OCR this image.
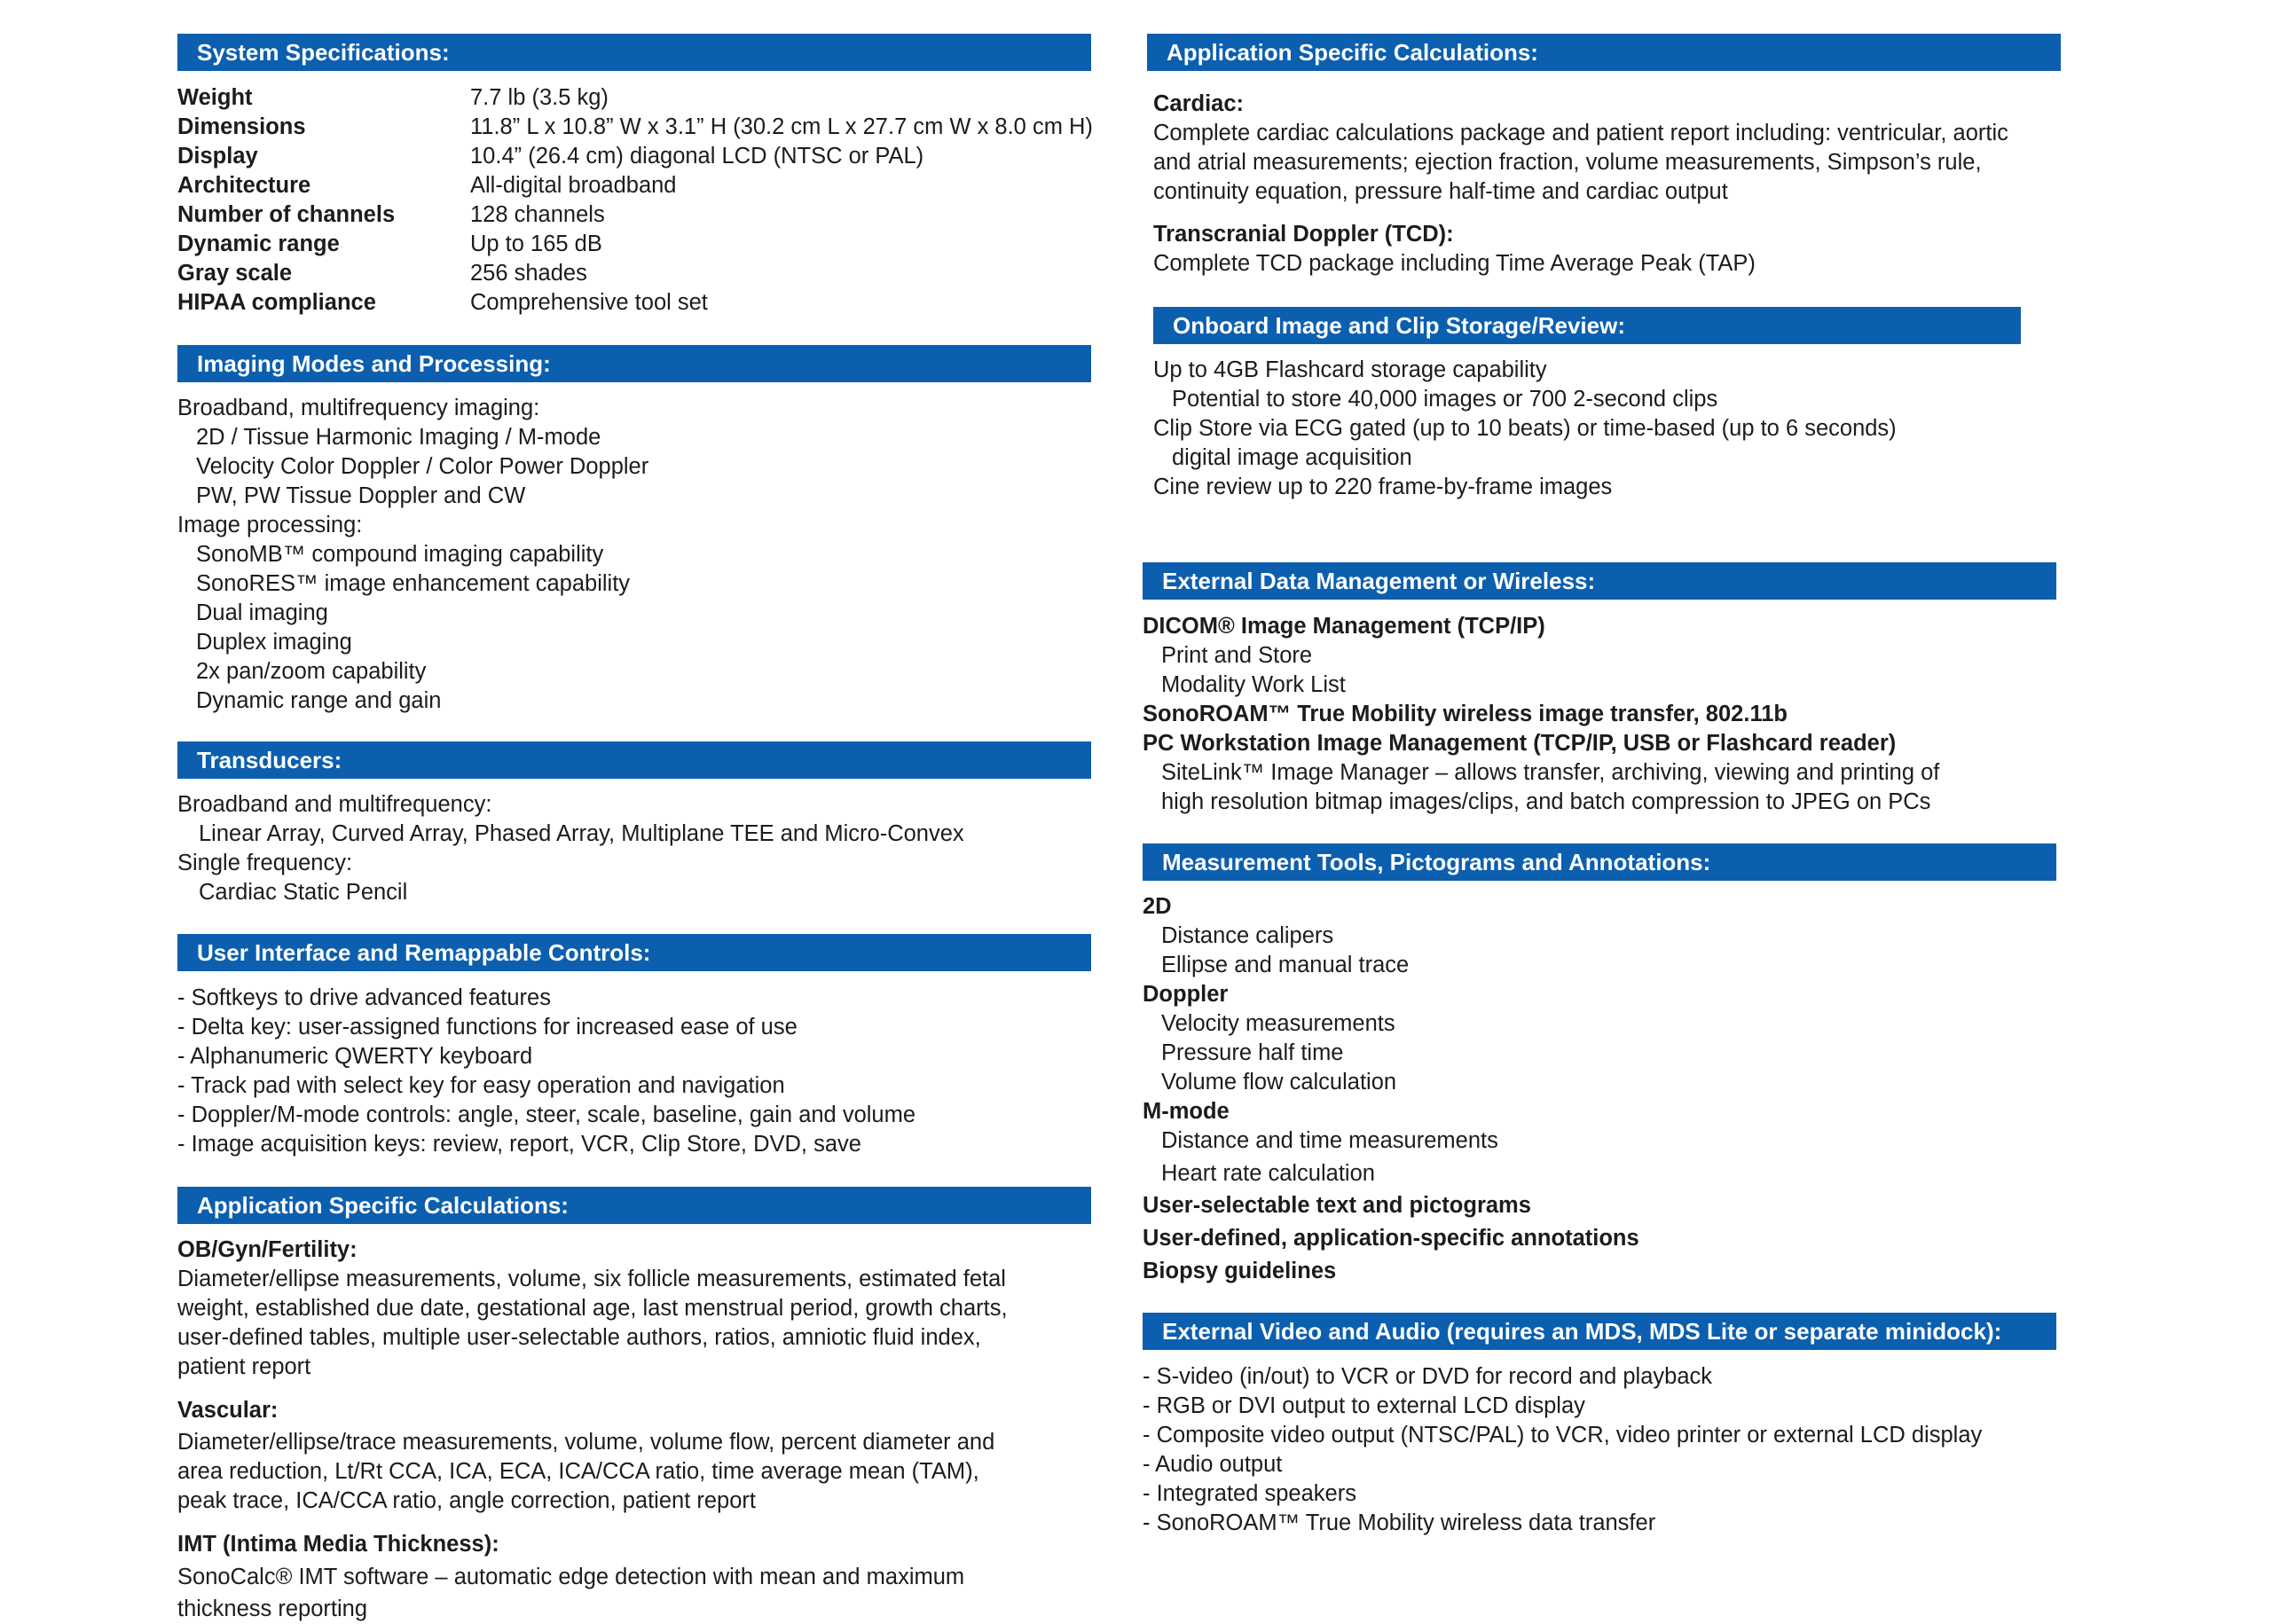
System Specifications:
Weight	7.7 lb (3.5 kg)
Dimensions	11.8” L x 10.8” W x 3.1” H (30.2 cm L x 27.7 cm W x 8.0 cm H)
Display	10.4” (26.4 cm) diagonal LCD (NTSC or PAL)
Architecture	All-digital broadband
Number of channels	128 channels
Dynamic range	Up to 165 dB
Gray scale	256 shades
HIPAA compliance	Comprehensive tool set
Imaging Modes and Processing:
Broadband, multifrequency imaging:
2D / Tissue Harmonic Imaging / M-mode
Velocity Color Doppler / Color Power Doppler
PW, PW Tissue Doppler and CW
Image processing:
SonoMB™ compound imaging capability
SonoRES™ image enhancement capability
Dual imaging
Duplex imaging
2x pan/zoom capability
Dynamic range and gain
Transducers:
Broadband and multifrequency:
Linear Array, Curved Array, Phased Array, Multiplane TEE and Micro-Convex
Single frequency:
Cardiac Static Pencil
User Interface and Remappable Controls:
- Softkeys to drive advanced features
- Delta key: user-assigned functions for increased ease of use
- Alphanumeric QWERTY keyboard
- Track pad with select key for easy operation and navigation
- Doppler/M-mode controls: angle, steer, scale, baseline, gain and volume
- Image acquisition keys: review, report, VCR, Clip Store, DVD, save
Application Specific Calculations:
OB/Gyn/Fertility:
Diameter/ellipse measurements, volume, six follicle measurements, estimated fetal
weight, established due date, gestational age, last menstrual period, growth charts,
user-defined tables, multiple user-selectable authors, ratios, amniotic fluid index,
patient report
Vascular:
Diameter/ellipse/trace measurements, volume, volume flow, percent diameter and
area reduction, Lt/Rt CCA, ICA, ECA, ICA/CCA ratio, time average mean (TAM),
peak trace, ICA/CCA ratio, angle correction, patient report
IMT (Intima Media Thickness):
SonoCalc® IMT software – automatic edge detection with mean and maximum
thickness reporting
Application Specific Calculations:
Cardiac:
Complete cardiac calculations package and patient report including: ventricular, aortic
and atrial measurements; ejection fraction, volume measurements, Simpson’s rule,
continuity equation, pressure half-time and cardiac output
Transcranial Doppler (TCD):
Complete TCD package including Time Average Peak (TAP)
Onboard Image and Clip Storage/Review:
Up to 4GB Flashcard storage capability
Potential to store 40,000 images or 700 2-second clips
Clip Store via ECG gated (up to 10 beats) or time-based (up to 6 seconds)
digital image acquisition
Cine review up to 220 frame-by-frame images
External Data Management or Wireless:
DICOM® Image Management (TCP/IP)
Print and Store
Modality Work List
SonoROAM™ True Mobility wireless image transfer, 802.11b
PC Workstation Image Management (TCP/IP, USB or Flashcard reader)
SiteLink™ Image Manager – allows transfer, archiving, viewing and printing of
high resolution bitmap images/clips, and batch compression to JPEG on PCs
Measurement Tools, Pictograms and Annotations:
2D
Distance calipers
Ellipse and manual trace
Doppler
Velocity measurements
Pressure half time
Volume flow calculation
M-mode
Distance and time measurements
Heart rate calculation
User-selectable text and pictograms
User-defined, application-specific annotations
Biopsy guidelines
External Video and Audio (requires an MDS, MDS Lite or separate minidock):
- S-video (in/out) to VCR or DVD for record and playback
- RGB or DVI output to external LCD display
- Composite video output (NTSC/PAL) to VCR, video printer or external LCD display
- Audio output
- Integrated speakers
- SonoROAM™ True Mobility wireless data transfer
